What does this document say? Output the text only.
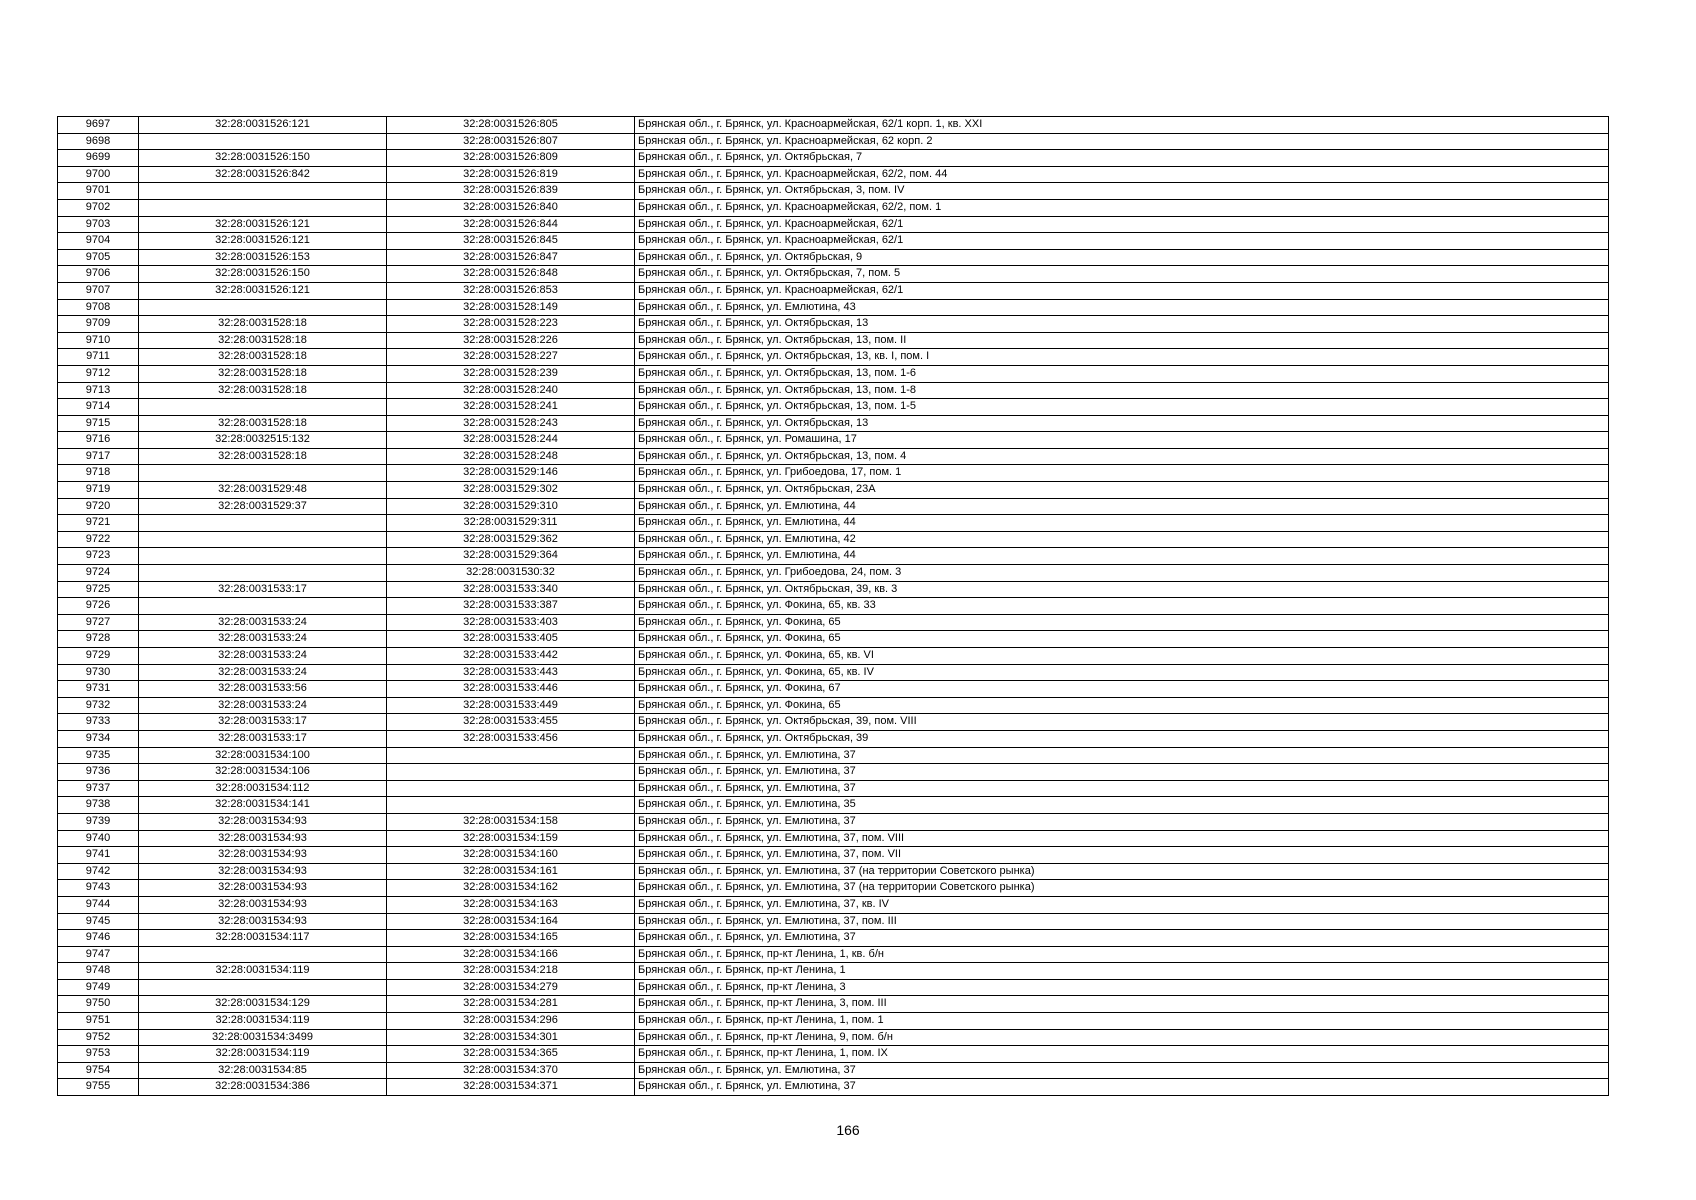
9697	32:28:0031526:121	32:28:0031526:805	Брянская обл., г. Брянск, ул. Красноармейская, 62/1 корп. 1, кв. XXI
9698		32:28:0031526:807	Брянская обл., г. Брянск, ул. Красноармейская, 62 корп. 2
9699	32:28:0031526:150	32:28:0031526:809	Брянская обл., г. Брянск, ул. Октябрьская, 7
9700	32:28:0031526:842	32:28:0031526:819	Брянская обл., г. Брянск, ул. Красноармейская, 62/2, пом. 44
9701		32:28:0031526:839	Брянская обл., г. Брянск, ул. Октябрьская, 3, пом. IV
9702		32:28:0031526:840	Брянская обл., г. Брянск, ул. Красноармейская, 62/2, пом. 1
9703	32:28:0031526:121	32:28:0031526:844	Брянская обл., г. Брянск, ул. Красноармейская, 62/1
9704	32:28:0031526:121	32:28:0031526:845	Брянская обл., г. Брянск, ул. Красноармейская, 62/1
9705	32:28:0031526:153	32:28:0031526:847	Брянская обл., г. Брянск, ул. Октябрьская, 9
9706	32:28:0031526:150	32:28:0031526:848	Брянская обл., г. Брянск, ул. Октябрьская, 7, пом. 5
9707	32:28:0031526:121	32:28:0031526:853	Брянская обл., г. Брянск, ул. Красноармейская, 62/1
9708		32:28:0031528:149	Брянская обл., г. Брянск, ул. Емлютина, 43
9709	32:28:0031528:18	32:28:0031528:223	Брянская обл., г. Брянск, ул. Октябрьская, 13
9710	32:28:0031528:18	32:28:0031528:226	Брянская обл., г. Брянск, ул. Октябрьская, 13, пом. II
9711	32:28:0031528:18	32:28:0031528:227	Брянская обл., г. Брянск, ул. Октябрьская, 13, кв. I, пом. I
9712	32:28:0031528:18	32:28:0031528:239	Брянская обл., г. Брянск, ул. Октябрьская, 13, пом. 1-6
9713	32:28:0031528:18	32:28:0031528:240	Брянская обл., г. Брянск, ул. Октябрьская, 13, пом. 1-8
9714		32:28:0031528:241	Брянская обл., г. Брянск, ул. Октябрьская, 13, пом. 1-5
9715	32:28:0031528:18	32:28:0031528:243	Брянская обл., г. Брянск, ул. Октябрьская, 13
9716	32:28:0032515:132	32:28:0031528:244	Брянская обл., г. Брянск, ул. Ромашина, 17
9717	32:28:0031528:18	32:28:0031528:248	Брянская обл., г. Брянск, ул. Октябрьская, 13, пом. 4
9718		32:28:0031529:146	Брянская обл., г. Брянск, ул. Грибоедова, 17, пом. 1
9719	32:28:0031529:48	32:28:0031529:302	Брянская обл., г. Брянск, ул. Октябрьская, 23А
9720	32:28:0031529:37	32:28:0031529:310	Брянская обл., г. Брянск, ул. Емлютина, 44
9721		32:28:0031529:311	Брянская обл., г. Брянск, ул. Емлютина, 44
9722		32:28:0031529:362	Брянская обл., г. Брянск, ул. Емлютина, 42
9723		32:28:0031529:364	Брянская обл., г. Брянск, ул. Емлютина, 44
9724		32:28:0031530:32	Брянская обл., г. Брянск, ул. Грибоедова, 24, пом. 3
9725	32:28:0031533:17	32:28:0031533:340	Брянская обл., г. Брянск, ул. Октябрьская, 39, кв. 3
9726		32:28:0031533:387	Брянская обл., г. Брянск, ул. Фокина, 65, кв. 33
9727	32:28:0031533:24	32:28:0031533:403	Брянская обл., г. Брянск, ул. Фокина, 65
9728	32:28:0031533:24	32:28:0031533:405	Брянская обл., г. Брянск, ул. Фокина, 65
9729	32:28:0031533:24	32:28:0031533:442	Брянская обл., г. Брянск, ул. Фокина, 65, кв. VI
9730	32:28:0031533:24	32:28:0031533:443	Брянская обл., г. Брянск, ул. Фокина, 65, кв. IV
9731	32:28:0031533:56	32:28:0031533:446	Брянская обл., г. Брянск, ул. Фокина, 67
9732	32:28:0031533:24	32:28:0031533:449	Брянская обл., г. Брянск, ул. Фокина, 65
9733	32:28:0031533:17	32:28:0031533:455	Брянская обл., г. Брянск, ул. Октябрьская, 39, пом. VIII
9734	32:28:0031533:17	32:28:0031533:456	Брянская обл., г. Брянск, ул. Октябрьская, 39
9735	32:28:0031534:100		Брянская обл., г. Брянск, ул. Емлютина, 37
9736	32:28:0031534:106		Брянская обл., г. Брянск, ул. Емлютина, 37
9737	32:28:0031534:112		Брянская обл., г. Брянск, ул. Емлютина, 37
9738	32:28:0031534:141		Брянская обл., г. Брянск, ул. Емлютина, 35
9739	32:28:0031534:93	32:28:0031534:158	Брянская обл., г. Брянск, ул. Емлютина, 37
9740	32:28:0031534:93	32:28:0031534:159	Брянская обл., г. Брянск, ул. Емлютина, 37, пом. VIII
9741	32:28:0031534:93	32:28:0031534:160	Брянская обл., г. Брянск, ул. Емлютина, 37, пом. VII
9742	32:28:0031534:93	32:28:0031534:161	Брянская обл., г. Брянск, ул. Емлютина, 37 (на территории Советского рынка)
9743	32:28:0031534:93	32:28:0031534:162	Брянская обл., г. Брянск, ул. Емлютина, 37 (на территории Советского рынка)
9744	32:28:0031534:93	32:28:0031534:163	Брянская обл., г. Брянск, ул. Емлютина, 37, кв. IV
9745	32:28:0031534:93	32:28:0031534:164	Брянская обл., г. Брянск, ул. Емлютина, 37, пом. III
9746	32:28:0031534:117	32:28:0031534:165	Брянская обл., г. Брянск, ул. Емлютина, 37
9747		32:28:0031534:166	Брянская обл., г. Брянск, пр-кт Ленина, 1, кв. б/н
9748	32:28:0031534:119	32:28:0031534:218	Брянская обл., г. Брянск, пр-кт Ленина, 1
9749		32:28:0031534:279	Брянская обл., г. Брянск, пр-кт Ленина, 3
9750	32:28:0031534:129	32:28:0031534:281	Брянская обл., г. Брянск, пр-кт Ленина, 3, пом. III
9751	32:28:0031534:119	32:28:0031534:296	Брянская обл., г. Брянск, пр-кт Ленина, 1, пом. 1
9752	32:28:0031534:3499	32:28:0031534:301	Брянская обл., г. Брянск, пр-кт Ленина, 9, пом. б/н
9753	32:28:0031534:119	32:28:0031534:365	Брянская обл., г. Брянск, пр-кт Ленина, 1, пом. IX
9754	32:28:0031534:85	32:28:0031534:370	Брянская обл., г. Брянск, ул. Емлютина, 37
9755	32:28:0031534:386	32:28:0031534:371	Брянская обл., г. Брянск, ул. Емлютина, 37
166
